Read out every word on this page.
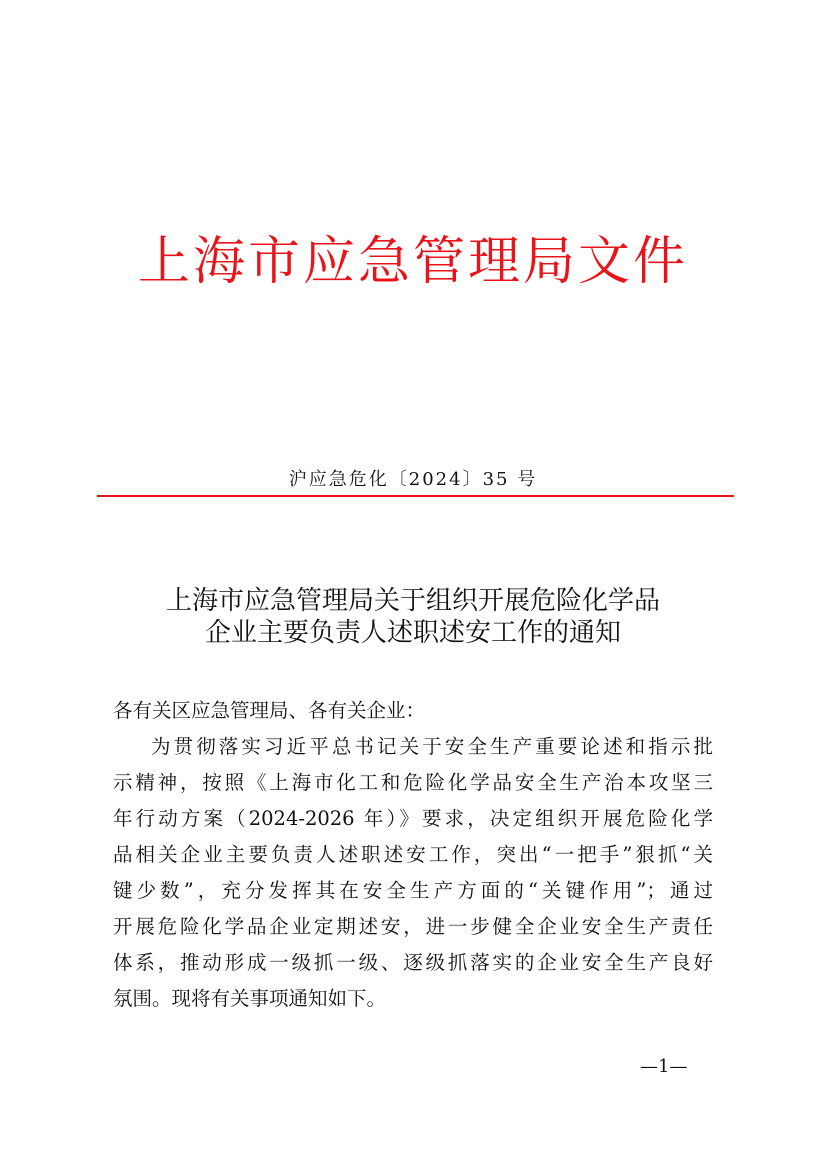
上海市应急管理局文件
沪应急危化〔2024〕35 号
上海市应急管理局关于组织开展危险化学品
企业主要负责人述职述安工作的通知
各有关区应急管理局、各有关企业：
为贯彻落实习近平总书记关于安全生产重要论述和指示批
示精神，按照《上海市化工和危险化学品安全生产治本攻坚三
年行动方案（2024-2026 年）》要求，决定组织开展危险化学
品相关企业主要负责人述职述安工作，突出“一把手”狠抓“关
键少数”，充分发挥其在安全生产方面的“关键作用”；通过
开展危险化学品企业定期述安，进一步健全企业安全生产责任
体系，推动形成一级抓一级、逐级抓落实的企业安全生产良好
氛围。现将有关事项通知如下。
—1—
